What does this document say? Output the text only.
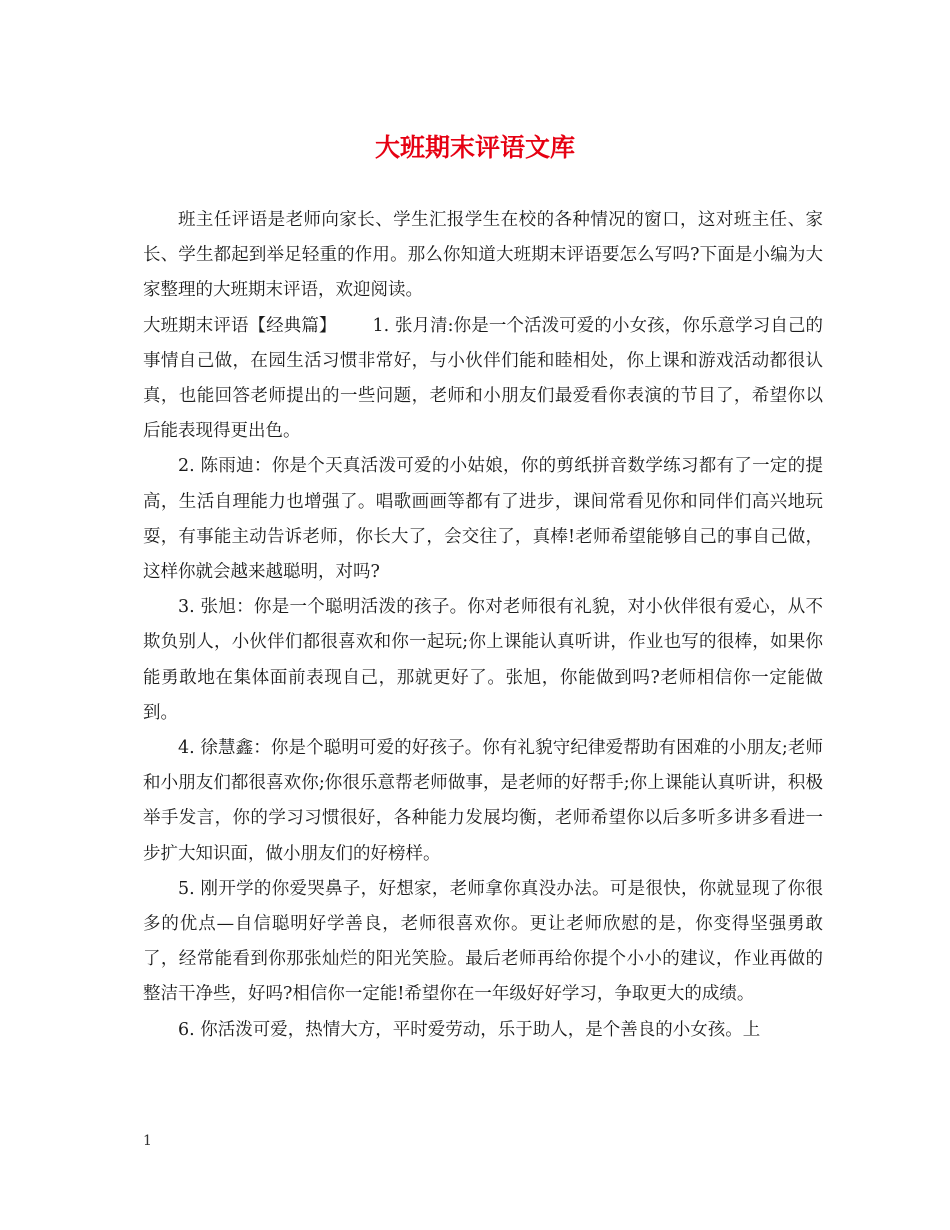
大班期末评语文库

班主任评语是老师向家长、学生汇报学生在校的各种情况的窗口，这对班主任、家长、学生都起到举足轻重的作用。那么你知道大班期末评语要怎么写吗?下面是小编为大家整理的大班期末评语，欢迎阅读。

大班期末评语【经典篇】 1. 张月清:你是一个活泼可爱的小女孩，你乐意学习自己的事情自己做，在园生活习惯非常好，与小伙伴们能和睦相处，你上课和游戏活动都很认真，也能回答老师提出的一些问题，老师和小朋友们最爱看你表演的节目了，希望你以后能表现得更出色。

2. 陈雨迪：你是个天真活泼可爱的小姑娘，你的剪纸拼音数学练习都有了一定的提高，生活自理能力也增强了。唱歌画画等都有了进步，课间常看见你和同伴们高兴地玩耍，有事能主动告诉老师，你长大了，会交往了，真棒!老师希望能够自己的事自己做，这样你就会越来越聪明，对吗?

3. 张旭：你是一个聪明活泼的孩子。你对老师很有礼貌，对小伙伴很有爱心，从不欺负别人，小伙伴们都很喜欢和你一起玩;你上课能认真听讲，作业也写的很棒，如果你能勇敢地在集体面前表现自己，那就更好了。张旭，你能做到吗?老师相信你一定能做到。

4. 徐慧鑫：你是个聪明可爱的好孩子。你有礼貌守纪律爱帮助有困难的小朋友;老师和小朋友们都很喜欢你;你很乐意帮老师做事，是老师的好帮手;你上课能认真听讲，积极举手发言，你的学习习惯很好，各种能力发展均衡，老师希望你以后多听多讲多看进一步扩大知识面，做小朋友们的好榜样。

5. 刚开学的你爱哭鼻子，好想家，老师拿你真没办法。可是很快，你就显现了你很多的优点—自信聪明好学善良，老师很喜欢你。更让老师欣慰的是，你变得坚强勇敢了，经常能看到你那张灿烂的阳光笑脸。最后老师再给你提个小小的建议，作业再做的整洁干净些，好吗?相信你一定能!希望你在一年级好好学习，争取更大的成绩。

6. 你活泼可爱，热情大方，平时爱劳动，乐于助人，是个善良的小女孩。上

1
